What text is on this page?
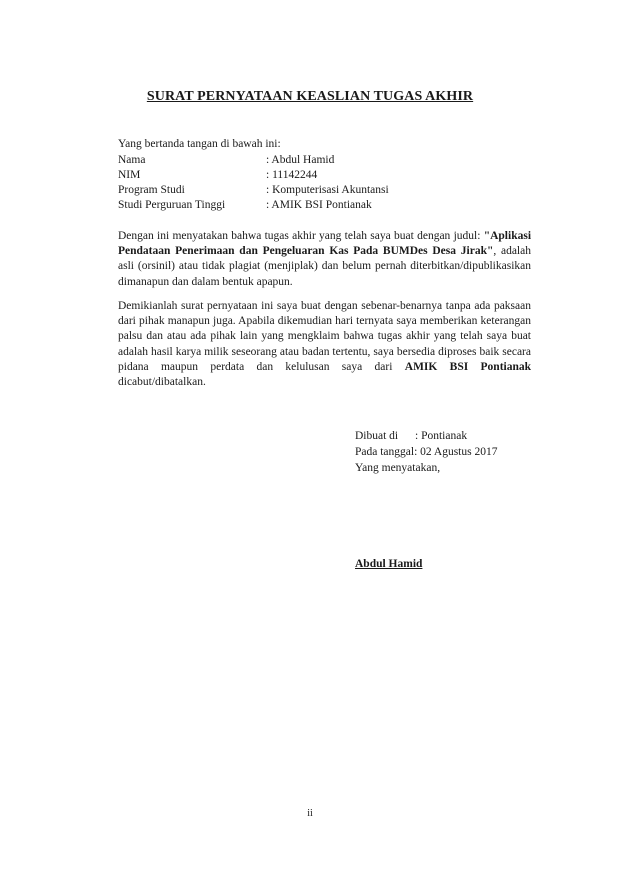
SURAT PERNYATAAN KEASLIAN TUGAS AKHIR
Yang bertanda tangan di bawah ini:
Nama	: Abdul Hamid
NIM	: 11142244
Program Studi	: Komputerisasi Akuntansi
Studi Perguruan Tinggi	: AMIK BSI Pontianak
Dengan ini menyatakan bahwa tugas akhir yang telah saya buat dengan judul: "Aplikasi Pendataan Penerimaan dan Pengeluaran Kas Pada BUMDes Desa Jirak", adalah asli (orsinil) atau tidak plagiat (menjiplak) dan belum pernah diterbitkan/dipublikasikan dimanapun dan dalam bentuk apapun.
Demikianlah surat pernyataan ini saya buat dengan sebenar-benarnya tanpa ada paksaan dari pihak manapun juga. Apabila dikemudian hari ternyata saya memberikan keterangan palsu dan atau ada pihak lain yang mengklaim bahwa tugas akhir yang telah saya buat adalah hasil karya milik seseorang atau badan tertentu, saya bersedia diproses baik secara pidana maupun perdata dan kelulusan saya dari AMIK BSI Pontianak dicabut/dibatalkan.
Dibuat di : Pontianak
Pada tanggal: 02 Agustus 2017
Yang menyatakan,
Abdul Hamid
ii
